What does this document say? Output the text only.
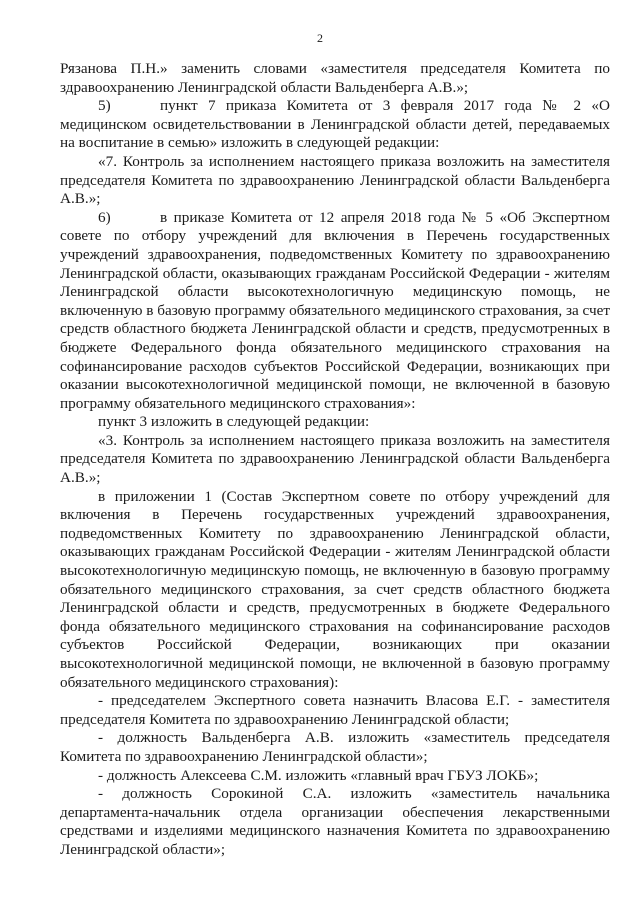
2

Рязанова П.Н.» заменить словами «заместителя председателя Комитета по здравоохранению Ленинградской области Вальденберга А.В.»;

5)	пункт 7 приказа Комитета от 3 февраля 2017 года № 2 «О медицинском освидетельствовании в Ленинградской области детей, передаваемых на воспитание в семью» изложить в следующей редакции:

«7. Контроль за исполнением настоящего приказа возложить на заместителя председателя Комитета по здравоохранению Ленинградской области Вальденберга А.В.»;

6)	в приказе Комитета от 12 апреля 2018 года № 5 «Об Экспертном совете по отбору учреждений для включения в Перечень государственных учреждений здравоохранения, подведомственных Комитету по здравоохранению Ленинградской области, оказывающих гражданам Российской Федерации - жителям Ленинградской области высокотехнологичную медицинскую помощь, не включенную в базовую программу обязательного медицинского страхования, за счет средств областного бюджета Ленинградской области и средств, предусмотренных в бюджете Федерального фонда обязательного медицинского страхования на софинансирование расходов субъектов Российской Федерации, возникающих при оказании высокотехнологичной медицинской помощи, не включенной в базовую программу обязательного медицинского страхования»:

пункт 3 изложить в следующей редакции:

«3. Контроль за исполнением настоящего приказа возложить на заместителя председателя Комитета по здравоохранению Ленинградской области Вальденберга А.В.»;

в приложении 1 (Состав Экспертном совете по отбору учреждений для включения в Перечень государственных учреждений здравоохранения, подведомственных Комитету по здравоохранению Ленинградской области, оказывающих гражданам Российской Федерации - жителям Ленинградской области высокотехнологичную медицинскую помощь, не включенную в базовую программу обязательного медицинского страхования, за счет средств областного бюджета Ленинградской области и средств, предусмотренных в бюджете Федерального фонда обязательного медицинского страхования на софинансирование расходов субъектов Российской Федерации, возникающих при оказании высокотехнологичной медицинской помощи, не включенной в базовую программу обязательного медицинского страхования):

- председателем Экспертного совета назначить Власова Е.Г. - заместителя председателя Комитета по здравоохранению Ленинградской области;

- должность Вальденберга А.В. изложить «заместитель председателя Комитета по здравоохранению Ленинградской области»;

- должность Алексеева С.М. изложить «главный врач ГБУЗ ЛОКБ»;

- должность Сорокиной С.А. изложить «заместитель начальника департамента-начальник отдела организации обеспечения лекарственными средствами и изделиями медицинского назначения Комитета по здравоохранению Ленинградской области»;
